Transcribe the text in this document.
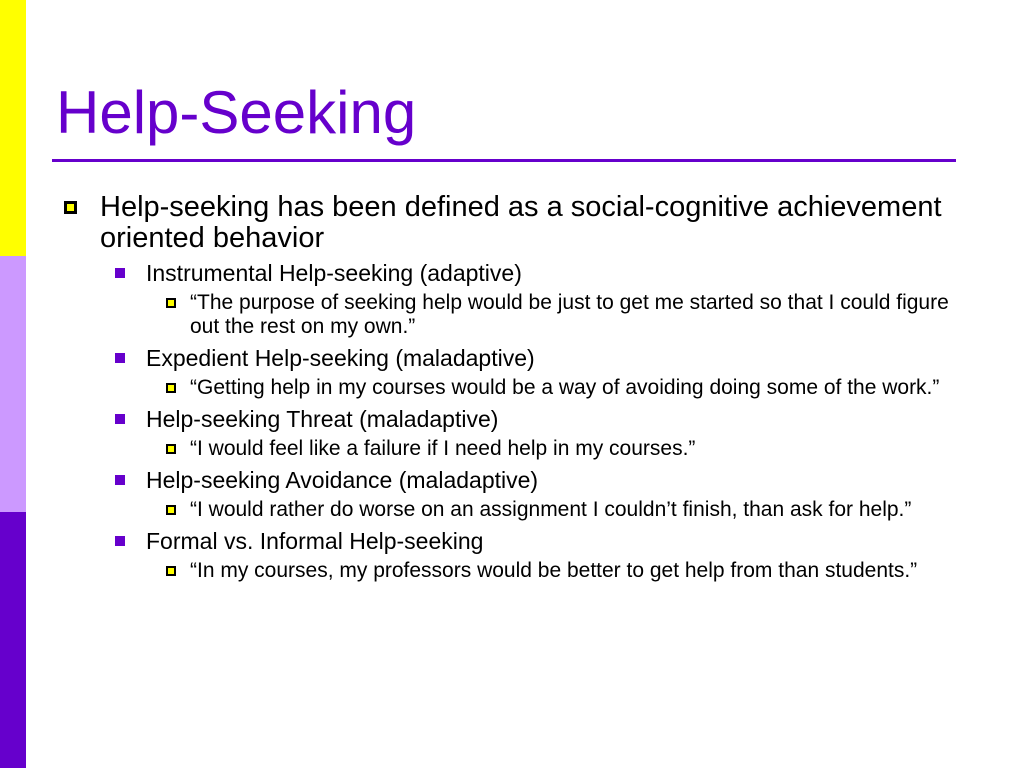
Help-Seeking
Help-seeking has been defined as a social-cognitive achievement oriented behavior
Instrumental Help-seeking (adaptive)
“The purpose of seeking help would be just to get me started so that I could figure out the rest on my own.”
Expedient Help-seeking (maladaptive)
“Getting help in my courses would be a way of avoiding doing some of the work.”
Help-seeking Threat (maladaptive)
“I would feel like a failure if I need help in my courses.”
Help-seeking Avoidance (maladaptive)
“I would rather do worse on an assignment I couldn’t finish, than ask for help.”
Formal vs. Informal Help-seeking
“In my courses, my professors would be better to get help from than students.”
